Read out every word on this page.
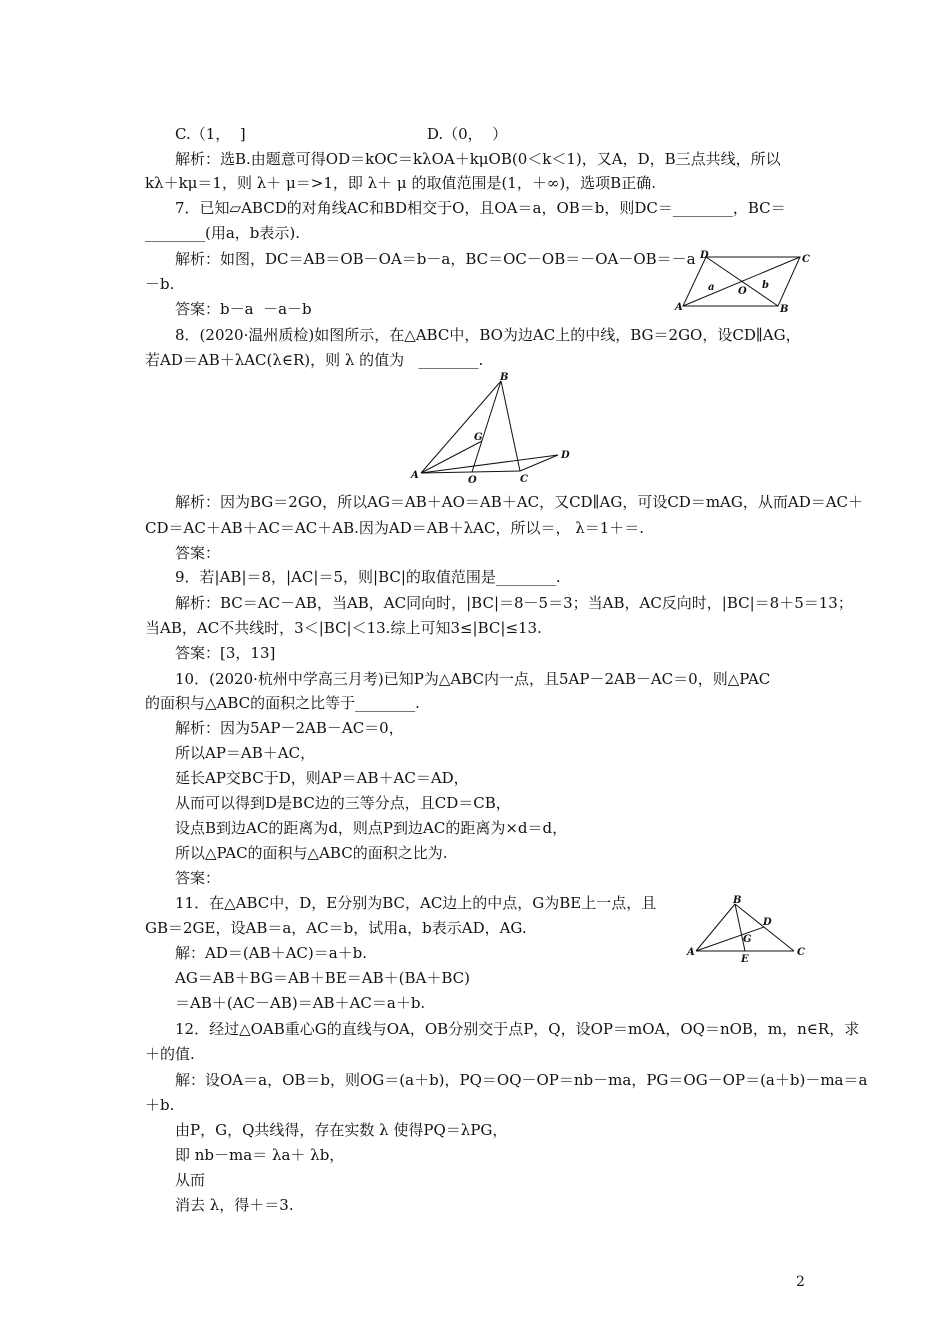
C.（1，  ]                                      D.（0，  ）
解析：选B.由题意可得OD＝kOC＝kλOA＋kμOB(0＜k＜1)，又A，D，B三点共线，所以
kλ＋kμ＝1，则 λ＋ μ＝>1，即 λ＋ μ 的取值范围是(1，＋∞)，选项B正确.
7．已知▱ABCD的对角线AC和BD相交于O，且OA＝a，OB＝b，则DC＝________，BC＝
________(用a，b表示).
解析：如图，DC＝AB＝OB－OA＝b－a，BC＝OC－OB＝－OA－OB＝－a
－b.
答案：b－a  －a－b
8．(2020·温州质检)如图所示，在△ABC中，BO为边AC上的中线，BG＝2GO，设CD∥AG，
若AD＝AB＋λAC(λ∈R)，则 λ 的值为   ________.
解析：因为BG＝2GO，所以AG＝AB＋AO＝AB＋AC，又CD∥AG，可设CD＝mAG，从而AD＝AC＋
CD＝AC＋AB＋AC＝AC＋AB.因为AD＝AB＋λAC，所以＝， λ＝1＋＝.
答案：
9．若|AB|＝8，|AC|＝5，则|BC|的取值范围是________.
解析：BC＝AC－AB，当AB，AC同向时，|BC|＝8－5＝3；当AB，AC反向时，|BC|＝8＋5＝13；
当AB，AC不共线时，3＜|BC|＜13.综上可知3≤|BC|≤13.
答案：[3，13]
10．(2020·杭州中学高三月考)已知P为△ABC内一点，且5AP－2AB－AC＝0，则△PAC
的面积与△ABC的面积之比等于________.
解析：因为5AP－2AB－AC＝0，
所以AP＝AB＋AC，
延长AP交BC于D，则AP＝AB＋AC＝AD，
从而可以得到D是BC边的三等分点，且CD＝CB，
设点B到边AC的距离为d，则点P到边AC的距离为×d＝d，
所以△PAC的面积与△ABC的面积之比为.
答案：
11．在△ABC中，D，E分别为BC，AC边上的中点，G为BE上一点，且
GB＝2GE，设AB＝a，AC＝b，试用a，b表示AD，AG.
解：AD＝(AB＋AC)＝a＋b.
AG＝AB＋BG＝AB＋BE＝AB＋(BA＋BC)
＝AB＋(AC－AB)＝AB＋AC＝a＋b.
12．经过△OAB重心G的直线与OA，OB分别交于点P，Q，设OP＝mOA，OQ＝nOB，m，n∈R，求
＋的值.
解：设OA＝a，OB＝b，则OG＝(a＋b)，PQ＝OQ－OP＝nb－ma，PG＝OG－OP＝(a＋b)－ma＝a
＋b.
由P，G，Q共线得，存在实数 λ 使得PQ＝λPG，
即 nb－ma＝ λa＋ λb，
从而
消去 λ，得＋＝3.
D	C
A	B
O
a	b
B
G
A	O	C
D
B
D
G
A
E
C
2
